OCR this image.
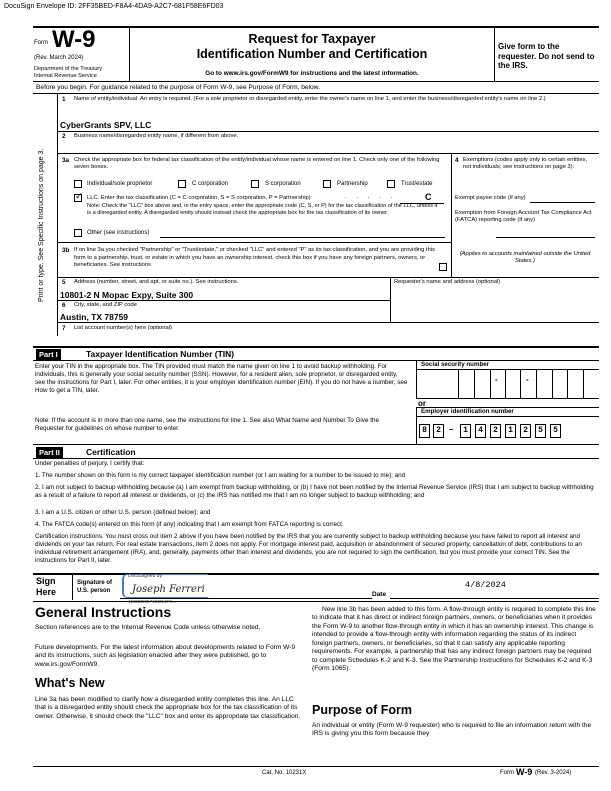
DocuSign Envelope ID: 2FF35BED-F8A4-4DA9-A2C7-681F58E6FD03
Form W-9
(Rev. March 2024)
Department of the Treasury
Internal Revenue Service
Request for Taxpayer
Identification Number and Certification
Go to www.irs.gov/FormW9 for instructions and the latest information.
Give form to the requester. Do not send to the IRS.
Before you begin. For guidance related to the purpose of Form W-9, see Purpose of Form, below.
Print or type. See Specific Instructions on page 3.
1 Name of entity/individual. An entry is required. (For a sole proprietor or disregarded entity, enter the owner's name on line 1, and enter the business/disregarded entity's name on line 2.)
CyberGrants SPV, LLC
2 Business name/disregarded entity name, if different from above.
3a Check the appropriate box for federal tax classification of the entity/individual whose name is entered on line 1. Check only one of the following seven boxes.
Individual/sole proprietor	C corporation	S corporation	Partnership	Trust/estate
✓ LLC. Enter the tax classification (C = C corporation, S = S corporation, P = Partnership)	. . . . .	C
Note: Check the "LLC" box above and, in the entry space, enter the appropriate code (C, S, or P) for the tax classification of the LLC, unless it is a disregarded entity. A disregarded entity should instead check the appropriate box for the tax classification of its owner.
Other (see instructions)
3b If on line 3a you checked "Partnership" or "Trust/estate," or checked "LLC" and entered "P" as its tax classification, and you are providing this form to a partnership, trust, or estate in which you have an ownership interest, check this box if you have any foreign partners, owners, or beneficiaries. See instructions
4 Exemptions (codes apply only to certain entities, not individuals; see instructions on page 3):
Exempt payee code (if any)
Exemption from Foreign Account Tax Compliance Act (FATCA) reporting code (if any)
(Applies to accounts maintained outside the United States.)
5 Address (number, street, and apt. or suite no.). See instructions.
10801-2 N Mopac Expy, Suite 300
Requester's name and address (optional)
6 City, state, and ZIP code
Austin, TX 78759
7 List account number(s) here (optional)
Part I	Taxpayer Identification Number (TIN)
Enter your TIN in the appropriate box. The TIN provided must match the name given on line 1 to avoid backup withholding. For individuals, this is generally your social security number (SSN). However, for a resident alien, sole proprietor, or disregarded entity, see the instructions for Part I, later. For other entities, it is your employer identification number (EIN). If you do not have a number, see How to get a TIN, later.
Note: If the account is in more than one name, see the instructions for line 1. See also What Name and Number To Give the Requester for guidelines on whose number to enter.
Social security number
-	-
or
Employer identification number
8	2	–	1	4	2	1	2	5	5
Part II	Certification
Under penalties of perjury, I certify that:
1. The number shown on this form is my correct taxpayer identification number (or I am waiting for a number to be issued to me); and
2. I am not subject to backup withholding because (a) I am exempt from backup withholding, or (b) I have not been notified by the Internal Revenue Service (IRS) that I am subject to backup withholding as a result of a failure to report all interest or dividends, or (c) the IRS has notified me that I am no longer subject to backup withholding; and
3. I am a U.S. citizen or other U.S. person (defined below); and
4. The FATCA code(s) entered on this form (if any) indicating that I am exempt from FATCA reporting is correct.
Certification instructions. You must cross out item 2 above if you have been notified by the IRS that you are currently subject to backup withholding because you have failed to report all interest and dividends on your tax return. For real estate transactions, item 2 does not apply. For mortgage interest paid, acquisition or abandonment of secured property, cancellation of debt, contributions to an individual retirement arrangement (IRA), and, generally, payments other than interest and dividends, you are not required to sign the certification, but you must provide your correct TIN. See the instructions for Part II, later.
Sign Here
Signature of U.S. person
DocuSigned by:
Joseph Ferreri
4BCDD097435D4F9...
Date
4/8/2024
General Instructions
Section references are to the Internal Revenue Code unless otherwise noted.
Future developments. For the latest information about developments related to Form W-9 and its instructions, such as legislation enacted after they were published, go to www.irs.gov/FormW9.
What's New
Line 3a has been modified to clarify how a disregarded entity completes this line. An LLC that is a disregarded entity should check the appropriate box for the tax classification of its owner. Otherwise, it should check the "LLC" box and enter its appropriate tax classification.
New line 3b has been added to this form. A flow-through entity is required to complete this line to indicate that it has direct or indirect foreign partners, owners, or beneficiaries when it provides the Form W-9 to another flow-through entity in which it has an ownership interest. This change is intended to provide a flow-through entity with information regarding the status of its indirect foreign partners, owners, or beneficiaries, so that it can satisfy any applicable reporting requirements. For example, a partnership that has any indirect foreign partners may be required to complete Schedules K-2 and K-3. See the Partnership Instructions for Schedules K-2 and K-3 (Form 1065).
Purpose of Form
An individual or entity (Form W-9 requester) who is required to file an information return with the IRS is giving you this form because they
Cat. No. 10231X	Form W-9 (Rev. 3-2024)
